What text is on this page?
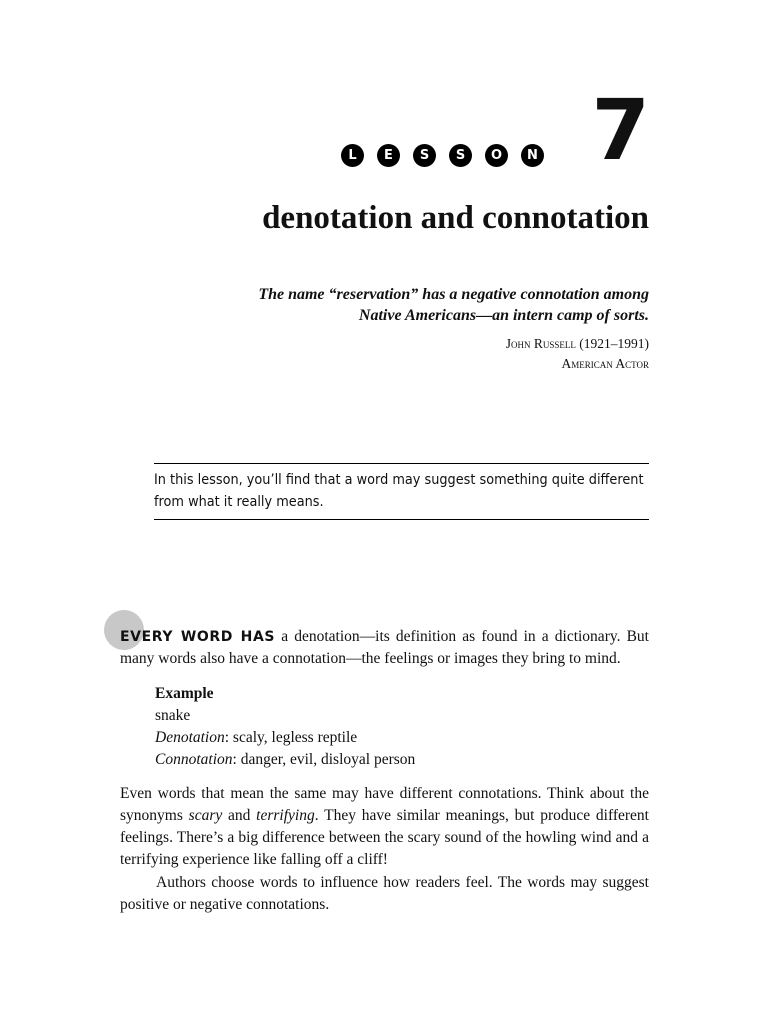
L	E	S	S	O	N 7
denotation and connotation
The name “reservation” has a negative connotation among
Native Americans—an intern camp of sorts.
John Russell (1921–1991)
American Actor

In this lesson, you’ll find that a word may suggest something quite different from what it really means.

EVERY WORD HAS a denotation—its definition as found in a dictionary. But many words also have a connotation—the feelings or images they bring to mind.

Example
snake
Denotation: scaly, legless reptile
Connotation: danger, evil, disloyal person

Even words that mean the same may have different connotations. Think about the synonyms scary and terrifying. They have similar meanings, but produce different feelings. There’s a big difference between the scary sound of the howling wind and a terrifying experience like falling off a cliff!

Authors choose words to influence how readers feel. The words may suggest positive or negative connotations.
